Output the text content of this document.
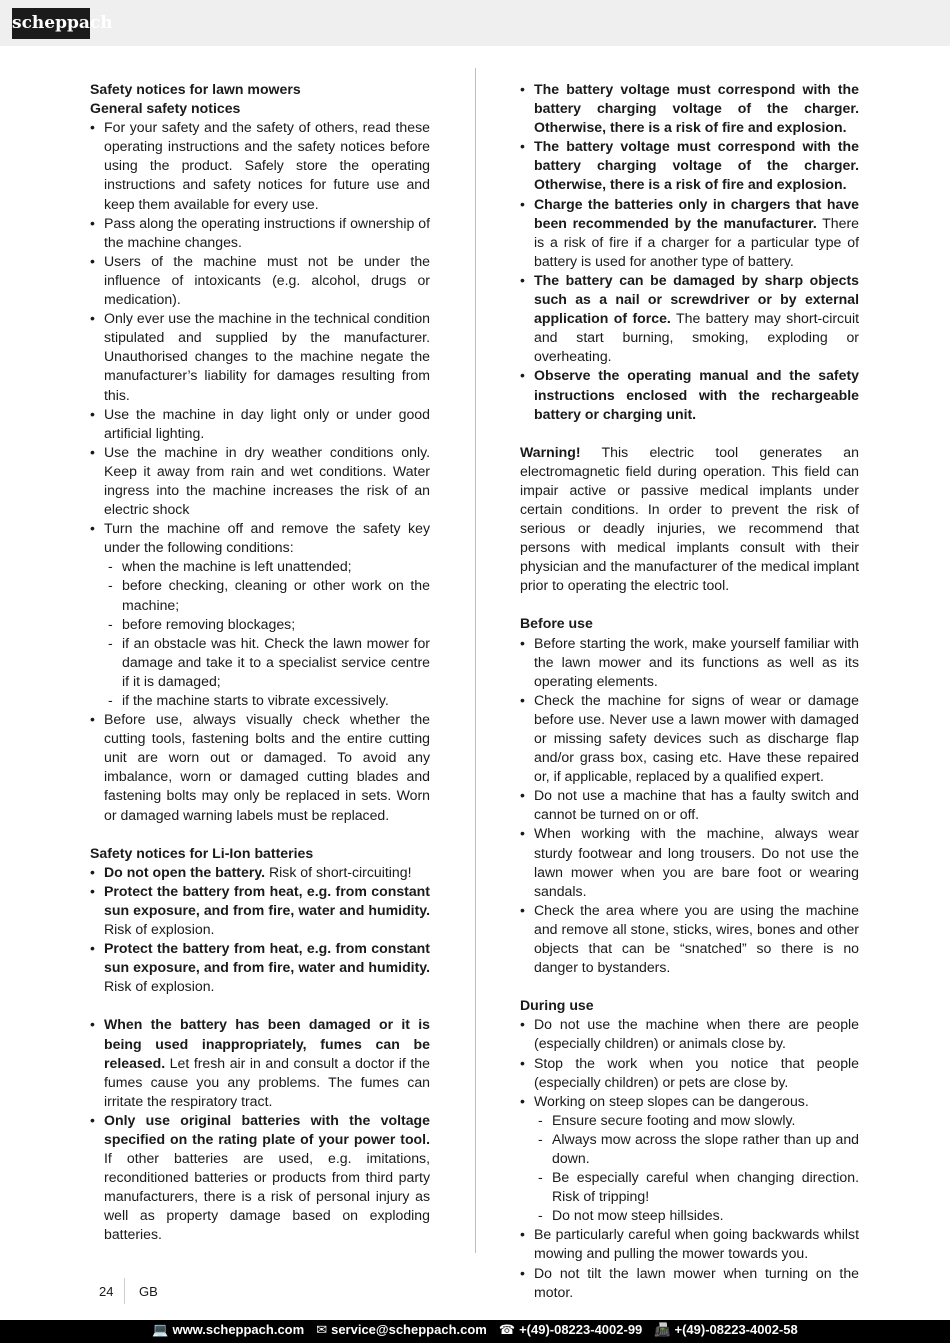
scheppach
Safety notices for lawn mowers
General safety notices
• For your safety and the safety of others, read these operating instructions and the safety notices before using the product. Safely store the operating instructions and safety notices for future use and keep them available for every use.
• Pass along the operating instructions if ownership of the machine changes.
• Users of the machine must not be under the influence of intoxicants (e.g. alcohol, drugs or medication).
• Only ever use the machine in the technical condition stipulated and supplied by the manufacturer. Unauthorised changes to the machine negate the manufacturer’s liability for damages resulting from this.
• Use the machine in day light only or under good artificial lighting.
• Use the machine in dry weather conditions only. Keep it away from rain and wet conditions. Water ingress into the machine increases the risk of an electric shock
• Turn the machine off and remove the safety key under the following conditions:
- when the machine is left unattended;
- before checking, cleaning or other work on the machine;
- before removing blockages;
- if an obstacle was hit. Check the lawn mower for damage and take it to a specialist service centre if it is damaged;
- if the machine starts to vibrate excessively.
• Before use, always visually check whether the cutting tools, fastening bolts and the entire cutting unit are worn out or damaged. To avoid any imbalance, worn or damaged cutting blades and fastening bolts may only be replaced in sets. Worn or damaged warning labels must be replaced.
Safety notices for Li-Ion batteries
• Do not open the battery. Risk of short-circuiting!
• Protect the battery from heat, e.g. from constant sun exposure, and from fire, water and humidity. Risk of explosion.
• Protect the battery from heat, e.g. from constant sun exposure, and from fire, water and humidity. Risk of explosion.
• When the battery has been damaged or it is being used inappropriately, fumes can be released. Let fresh air in and consult a doctor if the fumes cause you any problems. The fumes can irritate the respiratory tract.
• Only use original batteries with the voltage specified on the rating plate of your power tool. If other batteries are used, e.g. imitations, reconditioned batteries or products from third party manufacturers, there is a risk of personal injury as well as property damage based on exploding batteries.
• The battery voltage must correspond with the battery charging voltage of the charger. Otherwise, there is a risk of fire and explosion.
• The battery voltage must correspond with the battery charging voltage of the charger. Otherwise, there is a risk of fire and explosion.
• Charge the batteries only in chargers that have been recommended by the manufacturer. There is a risk of fire if a charger for a particular type of battery is used for another type of battery.
• The battery can be damaged by sharp objects such as a nail or screwdriver or by external application of force. The battery may short-circuit and start burning, smoking, exploding or overheating.
• Observe the operating manual and the safety instructions enclosed with the rechargeable battery or charging unit.
Warning! This electric tool generates an electromagnetic field during operation. This field can impair active or passive medical implants under certain conditions. In order to prevent the risk of serious or deadly injuries, we recommend that persons with medical implants consult with their physician and the manufacturer of the medical implant prior to operating the electric tool.
Before use
• Before starting the work, make yourself familiar with the lawn mower and its functions as well as its operating elements.
• Check the machine for signs of wear or damage before use. Never use a lawn mower with damaged or missing safety devices such as discharge flap and/or grass box, casing etc. Have these repaired or, if applicable, replaced by a qualified expert.
• Do not use a machine that has a faulty switch and cannot be turned on or off.
• When working with the machine, always wear sturdy footwear and long trousers. Do not use the lawn mower when you are bare foot or wearing sandals.
• Check the area where you are using the machine and remove all stone, sticks, wires, bones and other objects that can be “snatched” so there is no danger to bystanders.
During use
• Do not use the machine when there are people (especially children) or animals close by.
• Stop the work when you notice that people (especially children) or pets are close by.
• Working on steep slopes can be dangerous.
- Ensure secure footing and mow slowly.
- Always mow across the slope rather than up and down.
- Be especially careful when changing direction. Risk of tripping!
- Do not mow steep hillsides.
• Be particularly careful when going backwards whilst mowing and pulling the mower towards you.
• Do not tilt the lawn mower when turning on the motor.
24 GB
💻 www.scheppach.com ✉ service@scheppach.com ☎ +(49)-08223-4002-99 📠 +(49)-08223-4002-58
